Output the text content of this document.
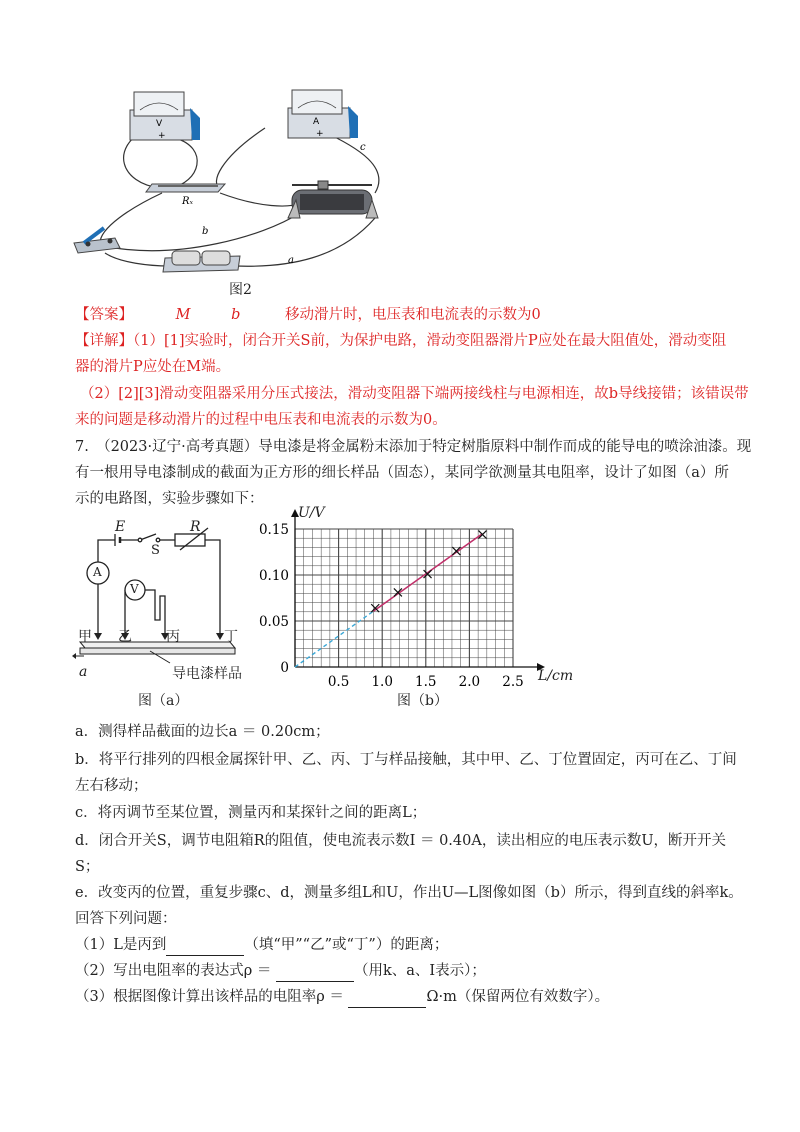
V
+
A
+
Rₓ
c
b
a
图2
【答案】	M	b	移动滑片时，电压表和电流表的示数为0
【详解】（1）[1]实验时，闭合开关S前，为保护电路，滑动变阻器滑片P应处在最大阻值处，滑动变阻
器的滑片P应处在M端。
（2）[2][3]滑动变阻器采用分压式接法，滑动变阻器下端两接线柱与电源相连，故b导线接错；该错误带
来的问题是移动滑片的过程中电压表和电流表的示数为0。
7.　（2023·辽宁·高考真题）导电漆是将金属粉末添加于特定树脂原料中制作而成的能导电的喷涂油漆。现
有一根用导电漆制成的截面为正方形的细长样品（固态），某同学欲测量其电阻率，设计了如图（a）所
示的电路图，实验步骤如下：
E
S
R
A
V
甲 乙 丙	丁
导电漆样品
a
图（a）
0.5 1.0 1.5 2.0 2.5
0.05
0.10
0.15
0
U/V
L/cm
图（b）
a．测得样品截面的边长a ＝ 0.20cm；
b．将平行排列的四根金属探针甲、乙、丙、丁与样品接触，其中甲、乙、丁位置固定，丙可在乙、丁间
左右移动；
c．将丙调节至某位置，测量丙和某探针之间的距离L；
d．闭合开关S，调节电阻箱R的阻值，使电流表示数I ＝ 0.40A，读出相应的电压表示数U，断开开关
S；
e．改变丙的位置，重复步骤c、d，测量多组L和U，作出U—L图像如图（b）所示，得到直线的斜率k。
回答下列问题：
（1）L是丙到	（填“甲”“乙”或“丁”）的距离；
（2）写出电阻率的表达式ρ ＝	（用k、a、I表示）；
（3）根据图像计算出该样品的电阻率ρ ＝	Ω·m（保留两位有效数字）。
